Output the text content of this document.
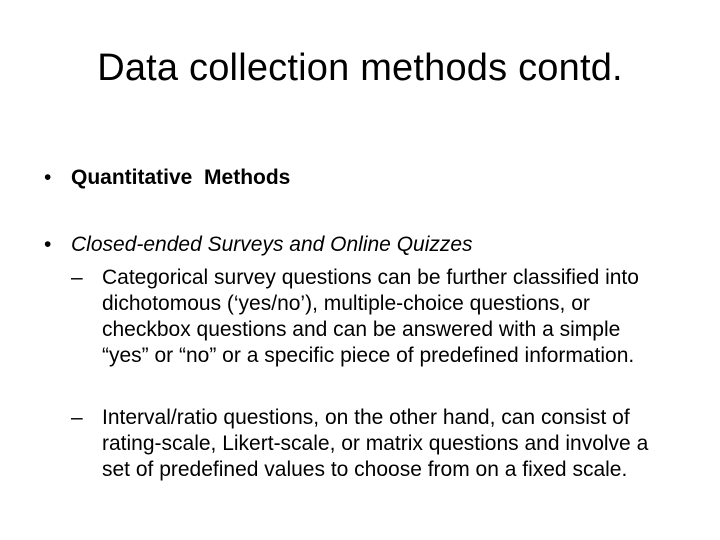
Data collection methods contd.
• Quantitative  Methods
• Closed-ended Surveys and Online Quizzes
– Categorical survey questions can be further classified into dichotomous (‘yes/no’), multiple-choice questions, or checkbox questions and can be answered with a simple “yes” or “no” or a specific piece of predefined information.
– Interval/ratio questions, on the other hand, can consist of rating-scale, Likert-scale, or matrix questions and involve a set of predefined values to choose from on a fixed scale.
